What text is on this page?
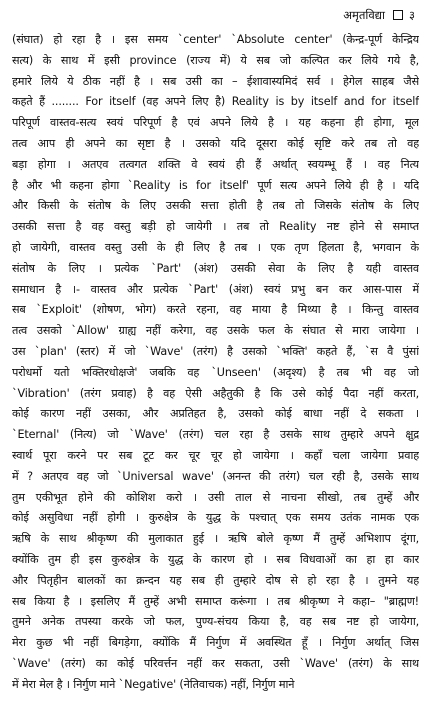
अमृतविद्या ३
(संघात) हो रहा है । इस समय `center' `Absolute center' (केन्द्र-पूर्ण केन्द्रिय
सत्य) के साथ में इसी province (राज्य में) ये सब जो कल्पित कर लिये गये है,
हमारे लिये ये ठीक नहीं है । सब उसी का – ईशावास्यमिदं सर्व । हेगेल साहब जैसे
कहते हैं ........ For itself (वह अपने लिए है) Reality is by itself and for itself
परिपूर्ण वास्तव-सत्य स्वयं परिपूर्ण है एवं अपने लिये है । यह कहना ही होगा, मूल
तत्व आप ही अपने का सृष्टा है । उसको यदि दूसरा कोई सृष्टि करे तब तो वह
बड़ा होगा । अतएव तत्वगत शक्ति वे स्वयं ही हैं अर्थात् स्वयम्भू हैं । वह नित्य
है और भी कहना होगा `Reality is for itself' पूर्ण सत्य अपने लिये ही है । यदि
और किसी के संतोष के लिए उसकी सत्ता होती है तब तो जिसके संतोष के लिए
उसकी सत्ता है वह वस्तु बड़ी हो जायेगी । तब तो Reality नष्ट होने से समाप्त
हो जायेगी, वास्तव वस्तु उसी के ही लिए है तब । एक तृण हिलता है, भगवान के
संतोष के लिए । प्रत्येक `Part' (अंश) उसकी सेवा के लिए है यही वास्तव
समाधान है ।- वास्तव और प्रत्येक `Part' (अंश) स्वयं प्रभु बन कर आस-पास में
सब `Exploit' (शोषण, भोग) करते रहना, वह माया है मिथ्या है । किन्तु वास्तव
तत्व उसको `Allow' ग्राह्य नहीं करेगा, वह उसके फल के संघात से मारा जायेगा ।
उस `plan' (स्तर) में जो `Wave' (तरंग) है उसको `भक्ति' कहते हैं, `स वै पुंसां
परोधर्मो यतो भक्तिरधोक्षजे' जबकि वह `Unseen' (अदृश्य) है तब भी वह जो
`Vibration' (तरंग प्रवाह) है वह ऐसी अहैतुकी है कि उसे कोई पैदा नहीं करता,
कोई कारण नहीं उसका, और अप्रतिहत है, उसको कोई बाधा नहीं दे सकता ।
`Eternal' (नित्य) जो `Wave' (तरंग) चल रहा है उसके साथ तुम्हारे अपने क्षुद्र
स्वार्थ पूरा करने पर सब टूट कर चूर चूर हो जायेगा । कहाँ चला जायेगा प्रवाह
में ? अतएव वह जो `Universal wave' (अनन्त की तरंग) चल रही है, उसके साथ
तुम एकीभूत होने की कोशिश करो । उसी ताल से नाचना सीखो, तब तुम्हें और
कोई असुविधा नहीं होगी । कुरुक्षेत्र के युद्ध के पश्चात् एक समय उतंक नामक एक
ऋषि के साथ श्रीकृष्ण की मुलाकात हुई । ऋषि बोले कृष्ण मैं तुम्हें अभिशाप दूंगा,
क्योंकि तुम ही इस कुरुक्षेत्र के युद्ध के कारण हो । सब विधवाओं का हा हा कार
और पितृहीन बालकों का क्रन्दन यह सब ही तुम्हारे दोष से हो रहा है । तुमने यह
सब किया है । इसलिए मैं तुम्हें अभी समाप्त करूंगा । तब श्रीकृष्ण ने कहा– "ब्राह्मण!
तुमने अनेक तपस्या करके जो फल, पुण्य-संचय किया है, वह सब नष्ट हो जायेगा,
मेरा कुछ भी नहीं बिगड़ेगा, क्योंकि मैं निर्गुण में अवस्थित हूँ । निर्गुण अर्थात् जिस
`Wave' (तरंग) का कोई परिवर्त्तन नहीं कर सकता, उसी `Wave' (तरंग) के साथ
में मेरा मेल है । निर्गुण माने `Negative' (नेतिवाचक) नहीं, निर्गुण माने
